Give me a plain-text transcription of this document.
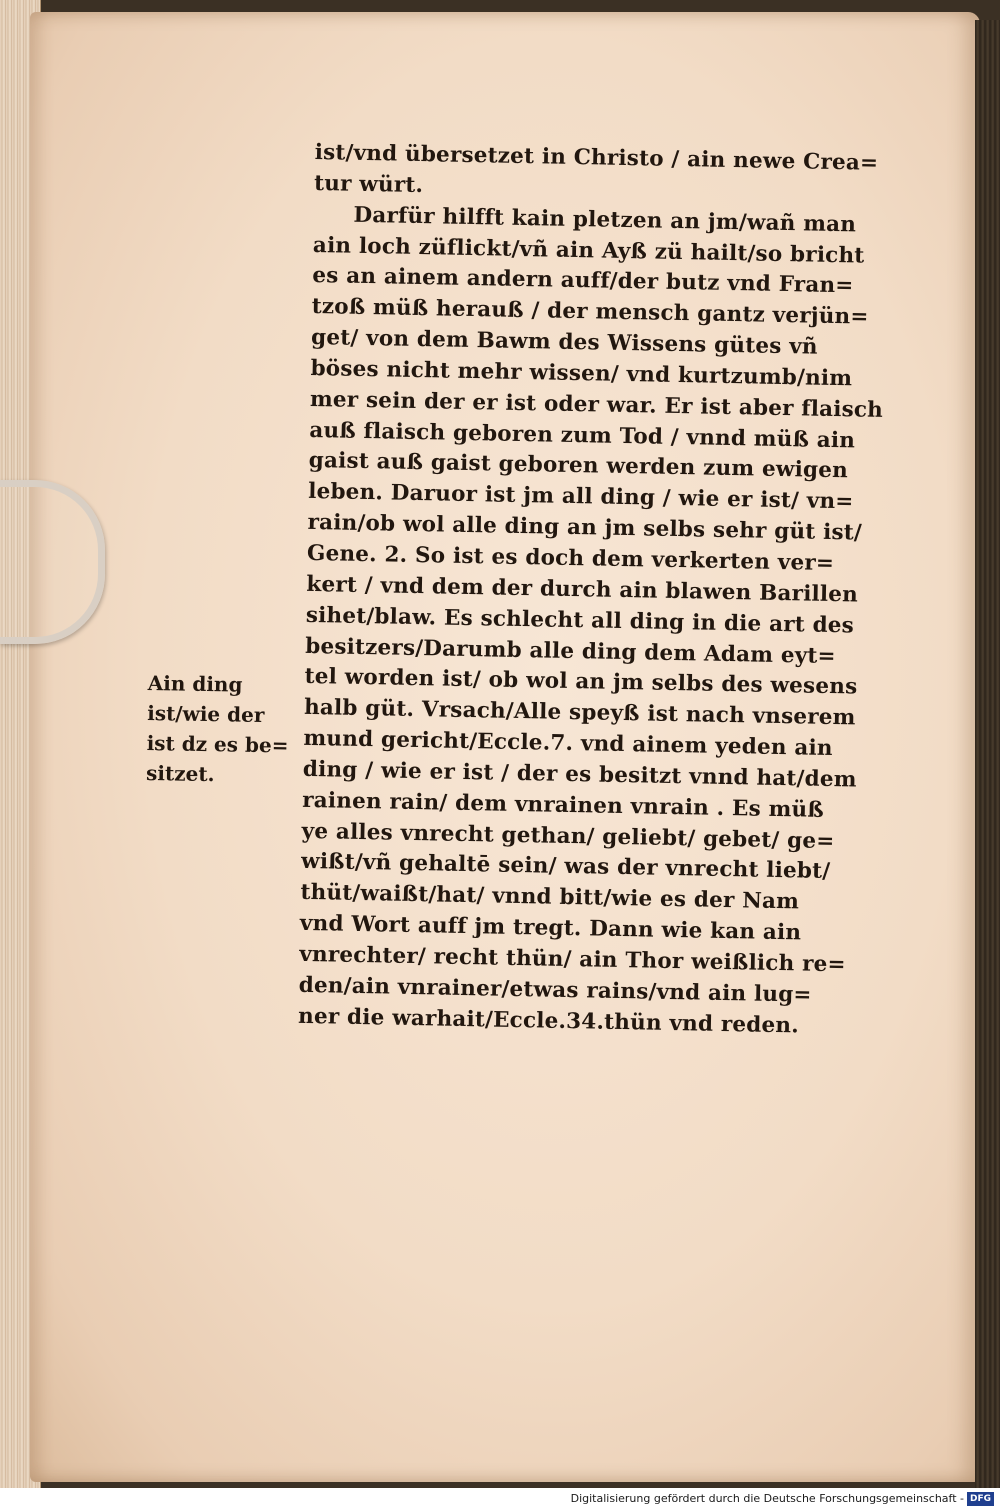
Ain ding
ist/wie der
ist dz es be=
sitzet.
ist/vnd übersetzet in Christo / ain newe Crea=
tur würt.
Darfür hilfft kain pletzen an jm/wañ man
ain loch züflickt/vñ ain Ayß zü hailt/so bricht
es an ainem andern auff/der butz vnd Fran=
tzoß müß herauß / der mensch gantz verjün=
get/ von dem Bawm des Wissens gütes vñ
böses nicht mehr wissen/ vnd kurtzumb/nim
mer sein der er ist oder war. Er ist aber flaisch
auß flaisch geboren zum Tod / vnnd müß ain
gaist auß gaist geboren werden zum ewigen
leben. Daruor ist jm all ding / wie er ist/ vn=
rain/ob wol alle ding an jm selbs sehr güt ist/
Gene. 2. So ist es doch dem verkerten ver=
kert / vnd dem der durch ain blawen Barillen
sihet/blaw. Es schlecht all ding in die art des
besitzers/Darumb alle ding dem Adam eyt=
tel worden ist/ ob wol an jm selbs des wesens
halb güt. Vrsach/Alle speyß ist nach vnserem
mund gericht/Eccle.7. vnd ainem yeden ain
ding / wie er ist / der es besitzt vnnd hat/dem
rainen rain/ dem vnrainen vnrain . Es müß
ye alles vnrecht gethan/ geliebt/ gebet/ ge=
wißt/vñ gehaltē sein/ was der vnrecht liebt/
thüt/waißt/hat/ vnnd bitt/wie es der Nam
vnd Wort auff jm tregt. Dann wie kan ain
vnrechter/ recht thün/ ain Thor weißlich re=
den/ain vnrainer/etwas rains/vnd ain lug=
ner die warhait/Eccle.34.thün vnd reden.
Digitalisierung gefördert durch die Deutsche Forschungsgemeinschaft - DFG
